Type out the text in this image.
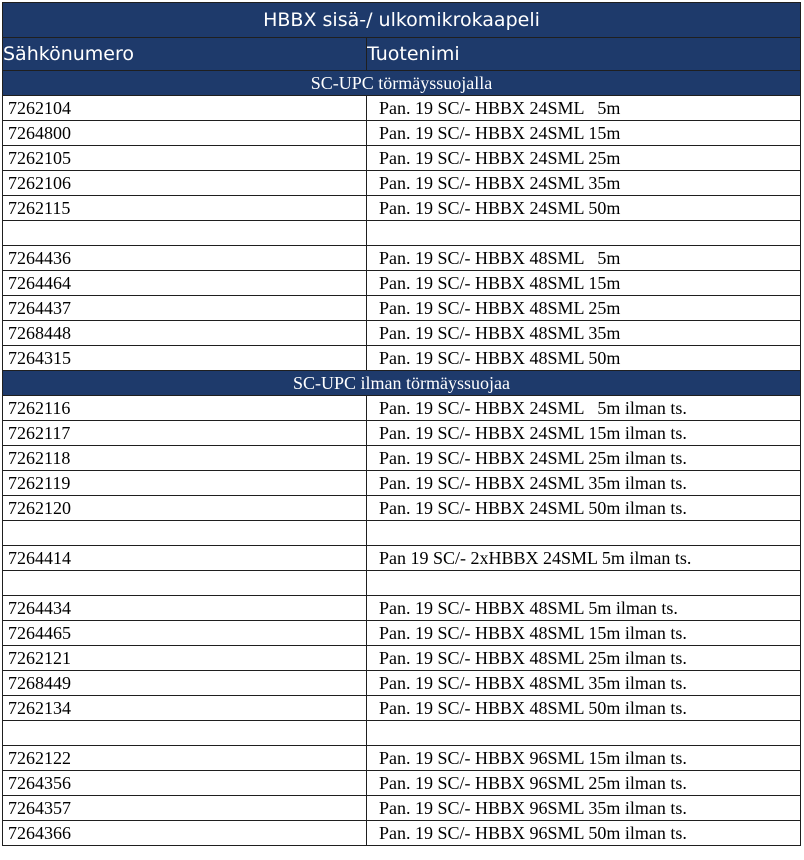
HBBX sisä-/ ulkomikrokaapeli	
Sähkönumero	Tuotenimi
SC-UPC törmäyssuojalla	
7262104	Pan. 19 SC/- HBBX 24SML   5m
7264800	Pan. 19 SC/- HBBX 24SML 15m
7262105	Pan. 19 SC/- HBBX 24SML 25m
7262106	Pan. 19 SC/- HBBX 24SML 35m
7262115	Pan. 19 SC/- HBBX 24SML 50m

7264436	Pan. 19 SC/- HBBX 48SML   5m
7264464	Pan. 19 SC/- HBBX 48SML 15m
7264437	Pan. 19 SC/- HBBX 48SML 25m
7268448	Pan. 19 SC/- HBBX 48SML 35m
7264315	Pan. 19 SC/- HBBX 48SML 50m
SC-UPC ilman törmäyssuojaa	
7262116	Pan. 19 SC/- HBBX 24SML   5m ilman ts.
7262117	Pan. 19 SC/- HBBX 24SML 15m ilman ts.
7262118	Pan. 19 SC/- HBBX 24SML 25m ilman ts.
7262119	Pan. 19 SC/- HBBX 24SML 35m ilman ts.
7262120	Pan. 19 SC/- HBBX 24SML 50m ilman ts.

7264414	Pan 19 SC/- 2xHBBX 24SML 5m ilman ts.

7264434	Pan. 19 SC/- HBBX 48SML 5m ilman ts.
7264465	Pan. 19 SC/- HBBX 48SML 15m ilman ts.
7262121	Pan. 19 SC/- HBBX 48SML 25m ilman ts.
7268449	Pan. 19 SC/- HBBX 48SML 35m ilman ts.
7262134	Pan. 19 SC/- HBBX 48SML 50m ilman ts.

7262122	Pan. 19 SC/- HBBX 96SML 15m ilman ts.
7264356	Pan. 19 SC/- HBBX 96SML 25m ilman ts.
7264357	Pan. 19 SC/- HBBX 96SML 35m ilman ts.
7264366	Pan. 19 SC/- HBBX 96SML 50m ilman ts.
